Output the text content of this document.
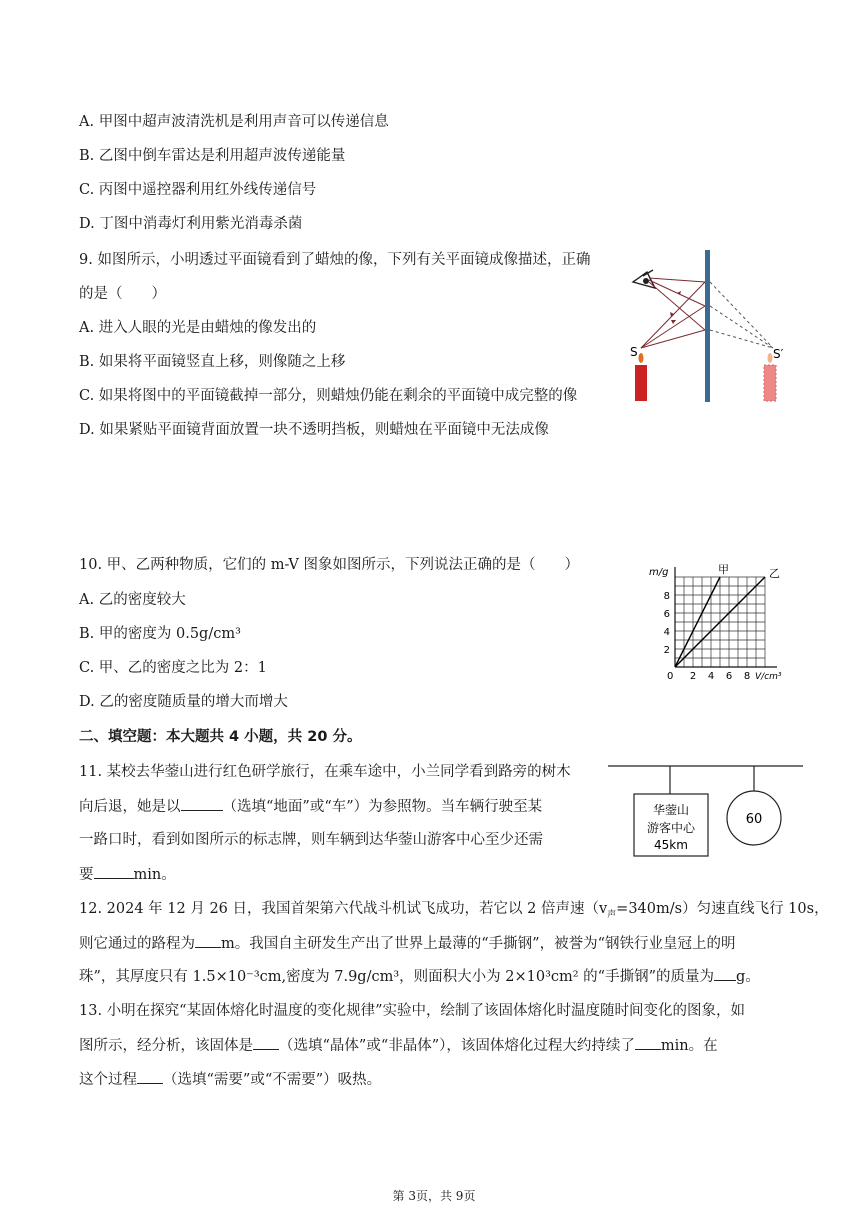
A. 甲图中超声波清洗机是利用声音可以传递信息
B. 乙图中倒车雷达是利用超声波传递能量
C. 丙图中遥控器利用红外线传递信号
D. 丁图中消毒灯利用紫光消毒杀菌
9. 如图所示，小明透过平面镜看到了蜡烛的像，下列有关平面镜成像描述，正确
的是（　　）
A. 进入人眼的光是由蜡烛的像发出的
B. 如果将平面镜竖直上移，则像随之上移
C. 如果将图中的平面镜截掉一部分，则蜡烛仍能在剩余的平面镜中成完整的像
D. 如果紧贴平面镜背面放置一块不透明挡板，则蜡烛在平面镜中无法成像
S	S′
10. 甲、乙两种物质，它们的 m-V 图象如图所示，下列说法正确的是（　　）
A. 乙的密度较大
B. 甲的密度为 0.5g/cm³
C. 甲、乙的密度之比为 2：1
D. 乙的密度随质量的增大而增大
0 2 4 6 8
2
4
6
8
m/g
V/cm³
甲	乙
二、填空题：本大题共 4 小题，共 20 分。
11. 某校去华蓥山进行红色研学旅行，在乘车途中，小兰同学看到路旁的树木
向后退，她是以	（选填“地面”或“车”）为参照物。当车辆行驶至某
一路口时，看到如图所示的标志牌，则车辆到达华蓥山游客中心至少还需
要	min。
华蓥山
游客中心
45km
60
12. 2024 年 12 月 26 日，我国首架第六代战斗机试飞成功，若它以 2 倍声速$(v_声=340m/s)$匀速直线飞行 10s，
则它通过的路程为 m。我国自主研发生产出了世界上最薄的“手撕钢”，被誉为“钢铁行业皇冠上的明
珠”，其厚度只有 1.5×10⁻³cm,密度为 7.9g/cm³，则面积大小为 2×10³cm² 的“手撕钢”的质量为 g。
13. 小明在探究“某固体熔化时温度的变化规律”实验中，绘制了该固体熔化时温度随时间变化的图象，如
图所示，经分析，该固体是 （选填“晶体”或“非晶体”），该固体熔化过程大约持续了 min。在
这个过程 （选填“需要”或“不需要”）吸热。
第 3页，共 9页
